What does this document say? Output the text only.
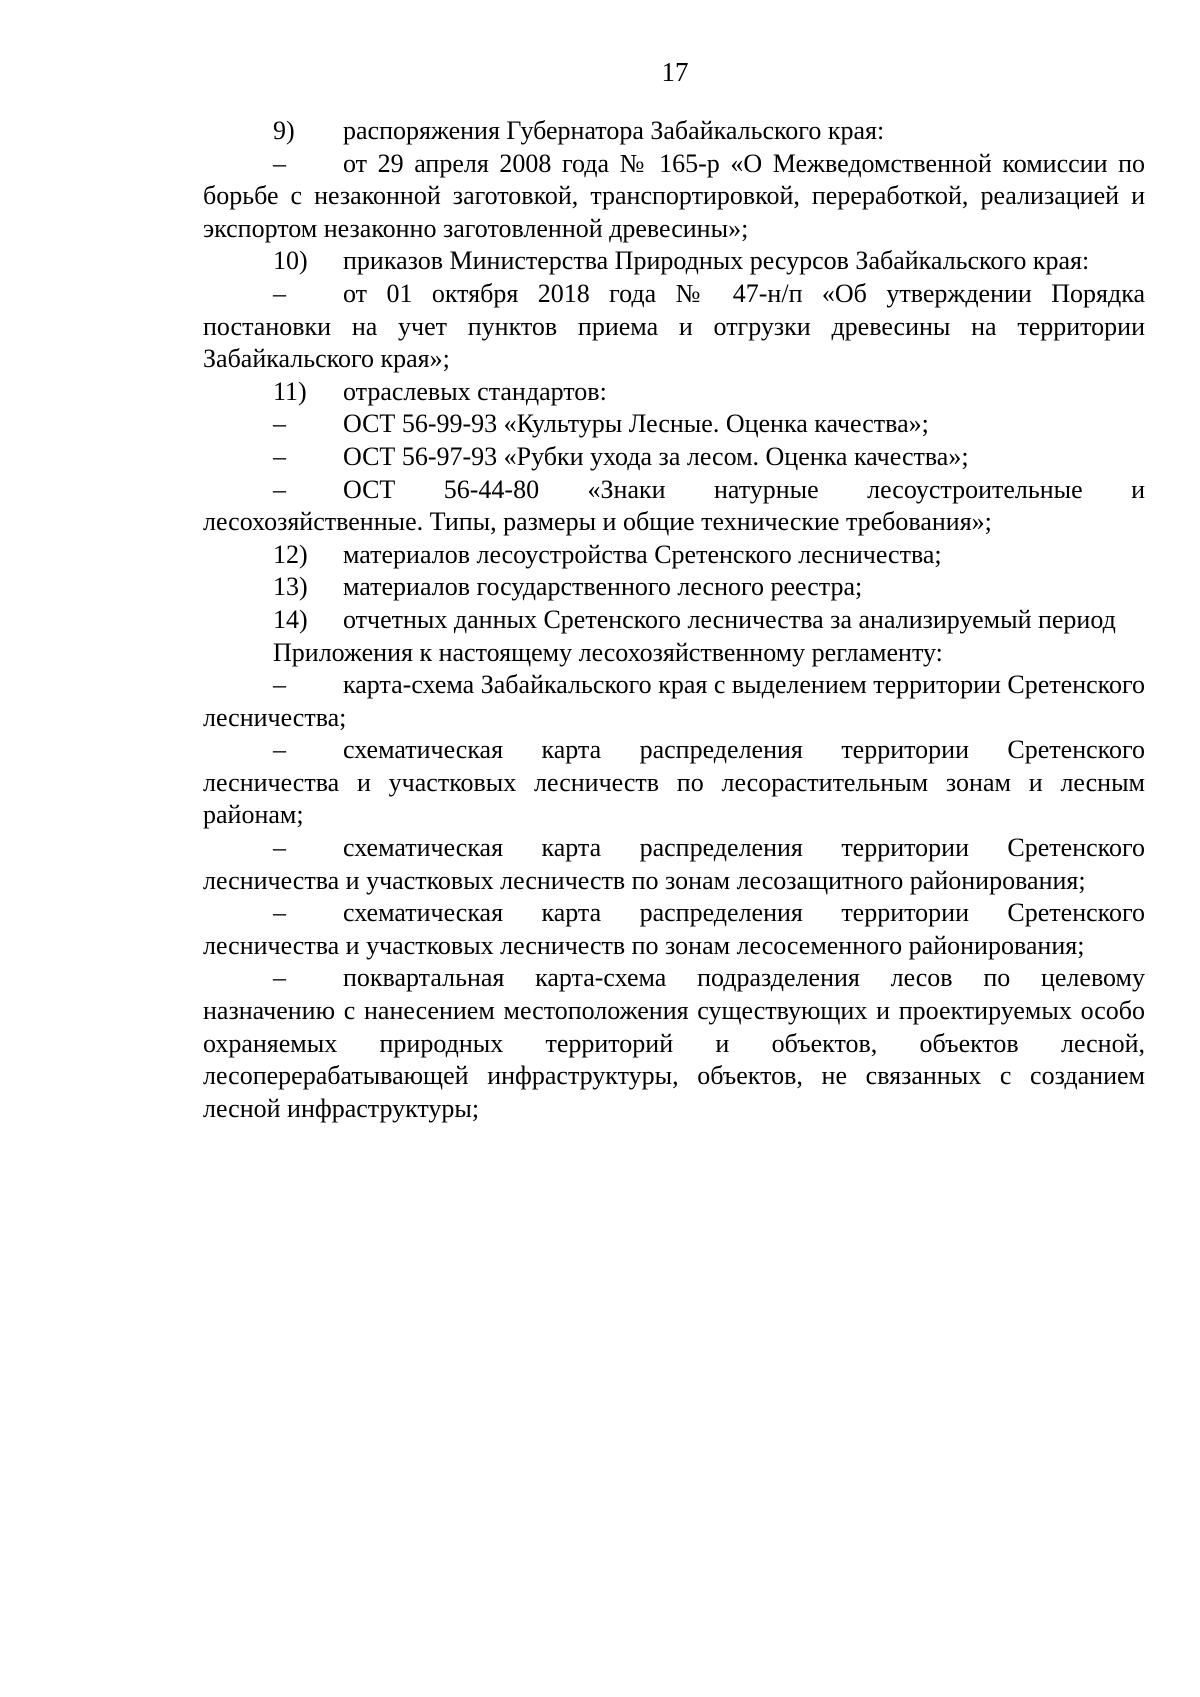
17

9) распоряжения Губернатора Забайкальского края:

– от 29 апреля 2008 года № 165-р «О Межведомственной комиссии по борьбе с незаконной заготовкой, транспортировкой, переработкой, реализацией и экспортом незаконно заготовленной древесины»;

10) приказов Министерства Природных ресурсов Забайкальского края:

– от 01 октября 2018 года № 47-н/п «Об утверждении Порядка постановки на учет пунктов приема и отгрузки древесины на территории Забайкальского края»;

11) отраслевых стандартов:

– ОСТ 56-99-93 «Культуры Лесные. Оценка качества»;

– ОСТ 56-97-93 «Рубки ухода за лесом. Оценка качества»;

– ОСТ 56-44-80 «Знаки натурные лесоустроительные и лесохозяйственные. Типы, размеры и общие технические требования»;

12) материалов лесоустройства Сретенского лесничества;

13) материалов государственного лесного реестра;

14) отчетных данных Сретенского лесничества за анализируемый период

Приложения к настоящему лесохозяйственному регламенту:

– карта-схема Забайкальского края с выделением территории Сретенского лесничества;

– схематическая карта распределения территории Сретенского лесничества и участковых лесничеств по лесорастительным зонам и лесным районам;

– схематическая карта распределения территории Сретенского лесничества и участковых лесничеств по зонам лесозащитного районирования;

– схематическая карта распределения территории Сретенского лесничества и участковых лесничеств по зонам лесосеменного районирования;

– поквартальная карта-схема подразделения лесов по целевому назначению с нанесением местоположения существующих и проектируемых особо охраняемых природных территорий и объектов, объектов лесной, лесоперерабатывающей инфраструктуры, объектов, не связанных с созданием лесной инфраструктуры;
